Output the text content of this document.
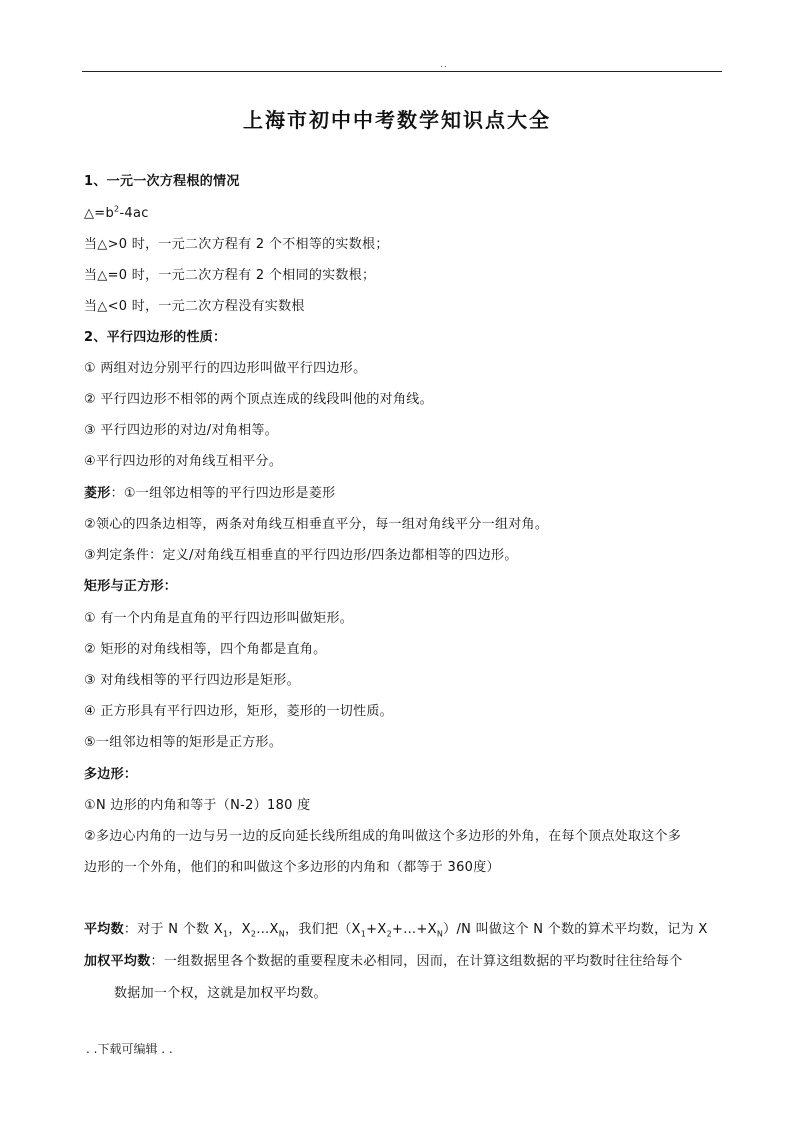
..
上海市初中中考数学知识点大全
1、一元一次方程根的情况
$\triangle=b^2-4ac$
当△>0 时，一元二次方程有 2 个不相等的实数根；
当△=0 时，一元二次方程有 2 个相同的实数根；
当△<0 时，一元二次方程没有实数根
2、平行四边形的性质：
① 两组对边分别平行的四边形叫做平行四边形。
② 平行四边形不相邻的两个顶点连成的线段叫他的对角线。
③ 平行四边形的对边/对角相等。
④平行四边形的对角线互相平分。
菱形：①一组邻边相等的平行四边形是菱形
②领心的四条边相等，两条对角线互相垂直平分，每一组对角线平分一组对角。
③判定条件：定义/对角线互相垂直的平行四边形/四条边都相等的四边形。
矩形与正方形：
① 有一个内角是直角的平行四边形叫做矩形。
② 矩形的对角线相等，四个角都是直角。
③ 对角线相等的平行四边形是矩形。
④ 正方形具有平行四边形，矩形，菱形的一切性质。
⑤一组邻边相等的矩形是正方形。
多边形：
①N 边形的内角和等于（N-2）180 度
②多边心内角的一边与另一边的反向延长线所组成的角叫做这个多边形的外角，在每个顶点处取这个多
边形的一个外角，他们的和叫做这个多边形的内角和（都等于 360度）
平均数：对于 N 个数 $X_1$，$X_2\dots X_N$，我们把$(X_1+X_2+\dots+X_N)/N$ 叫做这个 N 个数的算术平均数，记为 X
加权平均数：一组数据里各个数据的重要程度未必相同，因而，在计算这组数据的平均数时往往给每个
数据加一个权，这就是加权平均数。
. .下载可编辑 . .
